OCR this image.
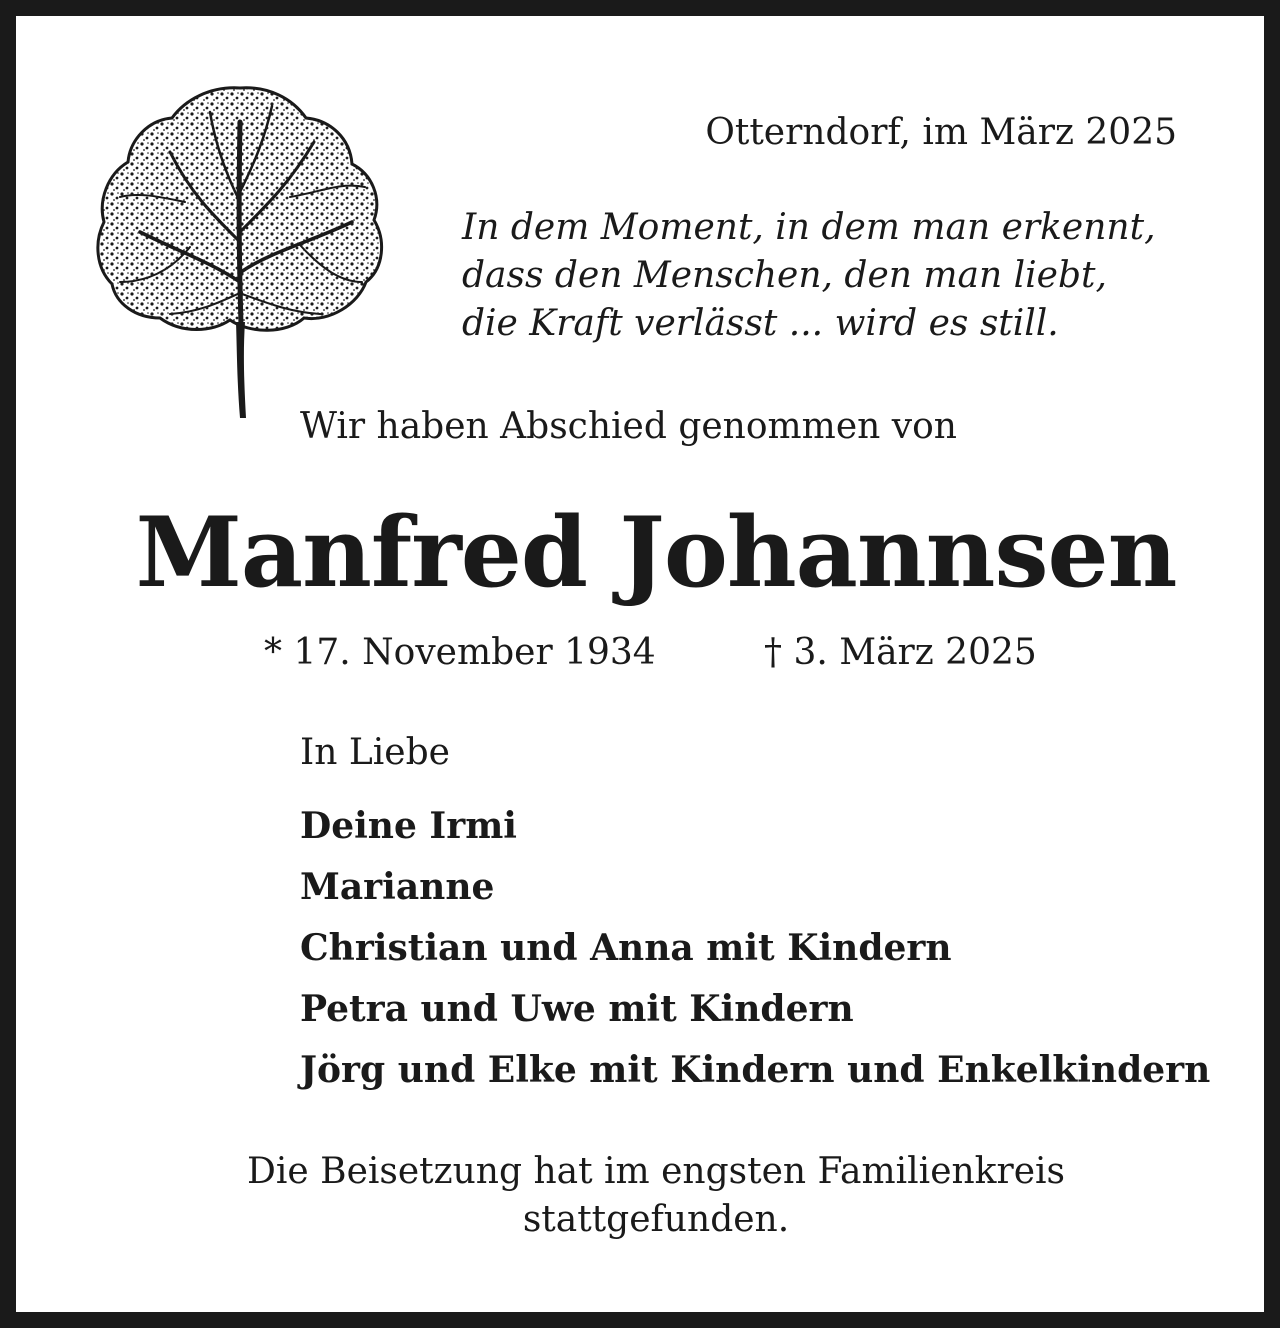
Otterndorf, im März 2025

In dem Moment, in dem man erkennt,
dass den Menschen, den man liebt,
die Kraft verlässt ... wird es still.

Wir haben Abschied genommen von

Manfred Johannsen

* 17. November 1934	† 3. März 2025

In Liebe

Deine Irmi
Marianne
Christian und Anna mit Kindern
Petra und Uwe mit Kindern
Jörg und Elke mit Kindern und Enkelkindern
Die Beisetzung hat im engsten Familienkreis
stattgefunden.
